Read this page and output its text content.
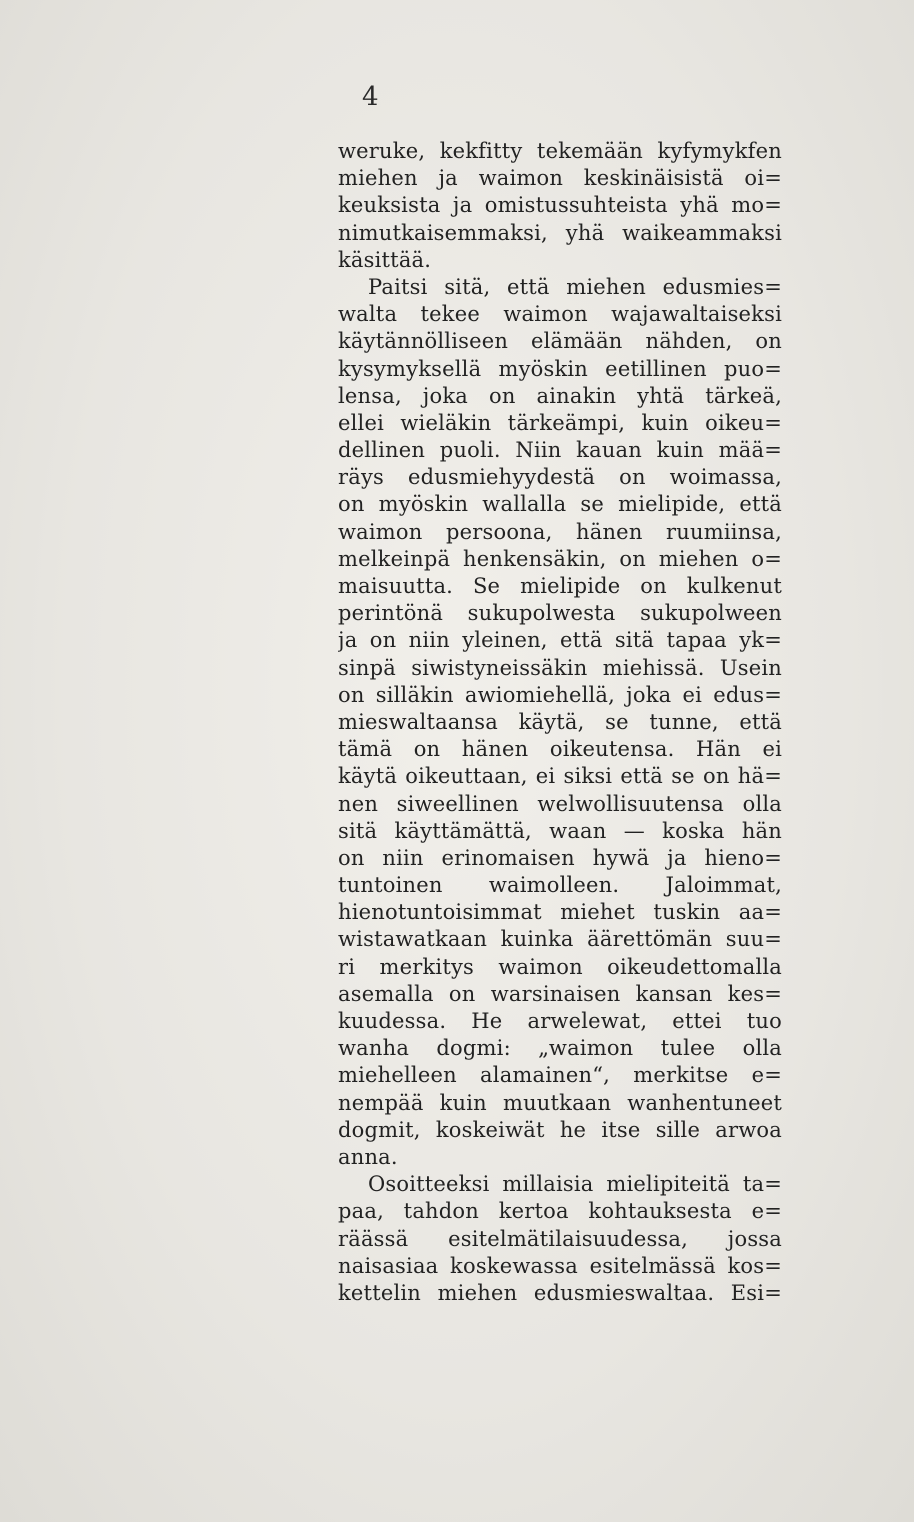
4
weruke, kekfitty tekemään kyfymykfen
miehen ja waimon keskinäisistä oi=
keuksista ja omistussuhteista yhä mo=
nimutkaisemmaksi, yhä waikeammaksi
käsittää.
Paitsi sitä, että miehen edusmies=
walta tekee waimon wajawaltaiseksi
käytännölliseen elämään nähden, on
kysymyksellä myöskin eetillinen puo=
lensa, joka on ainakin yhtä tärkeä,
ellei wieläkin tärkeämpi, kuin oikeu=
dellinen puoli. Niin kauan kuin mää=
räys edusmiehyydestä on woimassa,
on myöskin wallalla se mielipide, että
waimon persoona, hänen ruumiinsa,
melkeinpä henkensäkin, on miehen o=
maisuutta. Se mielipide on kulkenut
perintönä sukupolwesta sukupolween
ja on niin yleinen, että sitä tapaa yk=
sinpä siwistyneissäkin miehissä. Usein
on silläkin awiomiehellä, joka ei edus=
mieswaltaansa käytä, se tunne, että
tämä on hänen oikeutensa. Hän ei
käytä oikeuttaan, ei siksi että se on hä=
nen siweellinen welwollisuutensa olla
sitä käyttämättä, waan — koska hän
on niin erinomaisen hywä ja hieno=
tuntoinen waimolleen. Jaloimmat,
hienotuntoisimmat miehet tuskin aa=
wistawatkaan kuinka äärettömän suu=
ri merkitys waimon oikeudettomalla
asemalla on warsinaisen kansan kes=
kuudessa. He arwelewat, ettei tuo
wanha dogmi: „waimon tulee olla
miehelleen alamainen“, merkitse e=
nempää kuin muutkaan wanhentuneet
dogmit, koskeiwät he itse sille arwoa
anna.
Osoitteeksi millaisia mielipiteitä ta=
paa, tahdon kertoa kohtauksesta e=
räässä esitelmätilaisuudessa, jossa
naisasiaa koskewassa esitelmässä kos=
kettelin miehen edusmieswaltaa. Esi=
